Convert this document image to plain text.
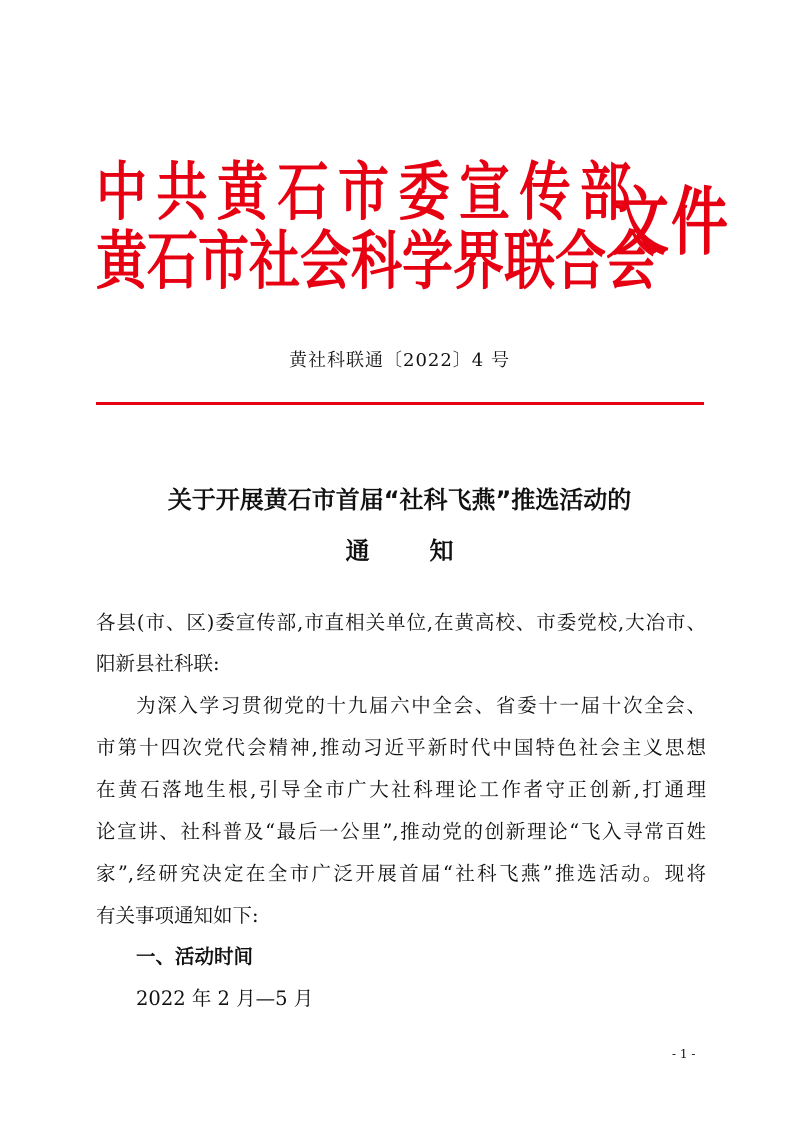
中共黄石市委宣传部
黄石市社会科学界联合会
文件
黄社科联通〔2022〕4 号
关于开展黄石市首届“社科飞燕”推选活动的
通知
各县(市、区)委宣传部,市直相关单位,在黄高校、市委党校,大冶市、
阳新县社科联:
为深入学习贯彻党的十九届六中全会、省委十一届十次全会、
市第十四次党代会精神,推动习近平新时代中国特色社会主义思想
在黄石落地生根,引导全市广大社科理论工作者守正创新,打通理
论宣讲、社科普及“最后一公里”,推动党的创新理论“飞入寻常百姓
家”,经研究决定在全市广泛开展首届“社科飞燕”推选活动。现将
有关事项通知如下:
一、活动时间
2022 年 2 月—5 月
- 1 -
